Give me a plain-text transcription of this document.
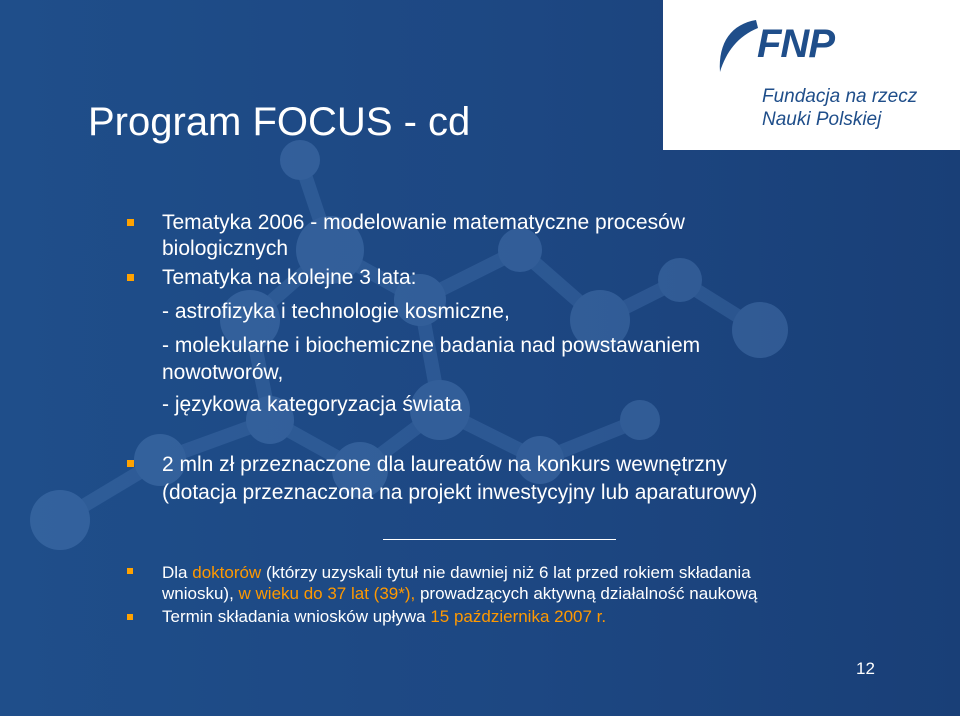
FNP
Fundacja na rzecz
Nauki Polskiej
Program FOCUS - cd
Tematyka 2006 - modelowanie matematyczne procesów
biologicznych
Tematyka na kolejne 3 lata:
- astrofizyka i technologie kosmiczne,
- molekularne i biochemiczne badania nad powstawaniem
nowotworów,
- językowa kategoryzacja świata
2 mln zł przeznaczone dla laureatów na konkurs wewnętrzny
(dotacja przeznaczona na projekt inwestycyjny lub aparaturowy)
Dla doktorów (którzy uzyskali tytuł nie dawniej niż 6 lat przed rokiem składania
wniosku), w wieku do 37 lat (39*), prowadzących aktywną działalność naukową
Termin składania wniosków upływa 15 października 2007 r.
12
